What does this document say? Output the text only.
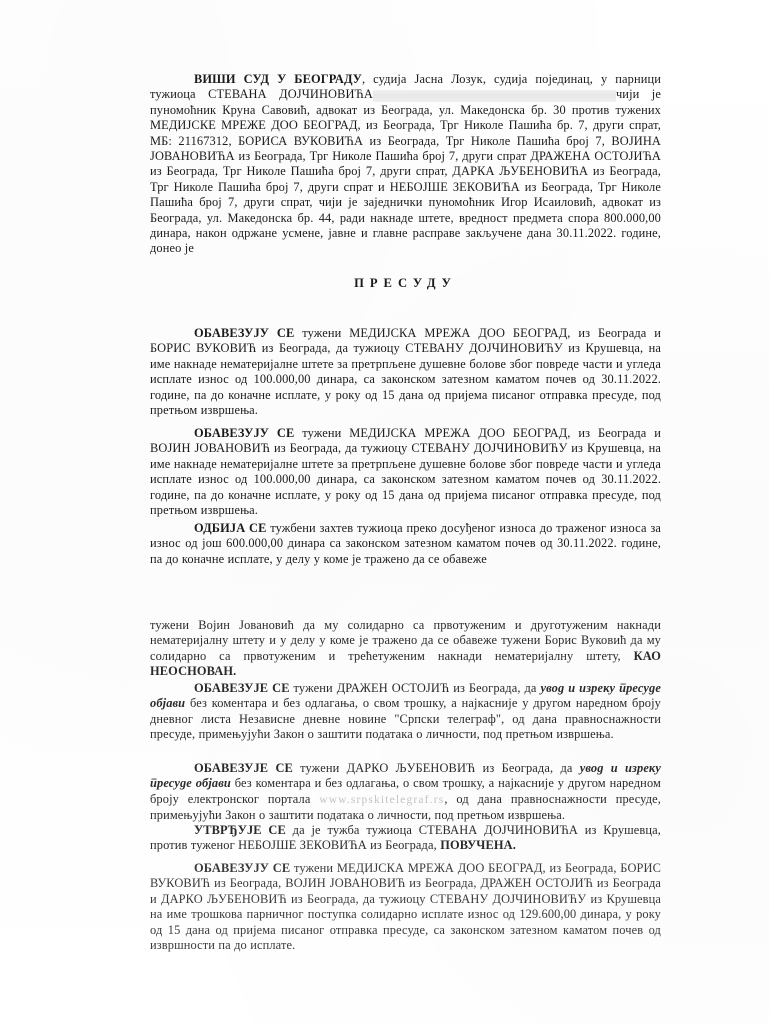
ВИШИ СУД У БЕОГРАДУ, судија Јасна Лозук, судија појединац, у парници тужиоца СТЕВАНА ДОЈЧИНОВИЋА	чији је пуномоћник Круна Савовић, адвокат из Београда, ул. Македонска бр. 30 против тужених МЕДИЈСКЕ МРЕЖЕ ДОО БЕОГРАД, из Београда, Трг Николе Пашића бр. 7, други спрат, МБ: 21167312, БОРИСА ВУКОВИЋА из Београда, Трг Николе Пашића број 7, ВОЈИНА ЈОВАНОВИЋА из Београда, Трг Николе Пашића број 7, други спрат ДРАЖЕНА ОСТОЈИЋА из Београда, Трг Николе Пашића број 7, други спрат, ДАРКА ЉУБЕНОВИЋА из Београда, Трг Николе Пашића број 7, други спрат и НЕБОЈШЕ ЗЕКОВИЋА из Београда, Трг Николе Пашића број 7, други спрат, чији је заједнички пуномоћник Игор Исаиловић, адвокат из Београда, ул. Македонска бр. 44, ради накнаде штете, вредност предмета спора 800.000,00 динара, након одржане усмене, јавне и главне расправе закључене дана 30.11.2022. године, донео је

ПРЕСУДУ

ОБАВЕЗУЈУ СЕ тужени МЕДИЈСКА МРЕЖА ДОО БЕОГРАД, из Београда и БОРИС ВУКОВИЋ из Београда, да тужиоцу СТЕВАНУ ДОЈЧИНОВИЋУ из Крушевца, на име накнаде нематеријалне штете за претрпљене душевне болове због повреде части и угледа исплате износ од 100.000,00 динара, са законском затезном каматом почев од 30.11.2022. године, па до коначне исплате, у року од 15 дана од пријема писаног отправка пресуде, под претњом извршења.

ОБАВЕЗУЈУ СЕ тужени МЕДИЈСКА МРЕЖА ДОО БЕОГРАД, из Београда и ВОЈИН ЈОВАНОВИЋ из Београда, да тужиоцу СТЕВАНУ ДОЈЧИНОВИЋУ из Крушевца, на име накнаде нематеријалне штете за претрпљене душевне болове због повреде части и угледа исплате износ од 100.000,00 динара, са законском затезном каматом почев од 30.11.2022. године, па до коначне исплате, у року од 15 дана од пријема писаног отправка пресуде, под претњом извршења.

ОДБИЈА СЕ тужбени захтев тужиоца преко досуђеног износа до траженог износа за износ од још 600.000,00 динара са законском затезном каматом почев од 30.11.2022. године, па до коначне исплате, у делу у коме је тражено да се обавеже

тужени Војин Јовановић да му солидарно са првотуженим и друготуженим накнади нематеријалну штету и у делу у коме је тражено да се обавеже тужени Борис Вуковић да му солидарно са првотуженим и трећетуженим накнади нематеријалну штету, КАО НЕОСНОВАН.

ОБАВЕЗУЈЕ СЕ тужени ДРАЖЕН ОСТОЈИЋ из Београда, да увод и изреку пресуде објави без коментара и без одлагања, о свом трошку, а најкасније у другом наредном броју дневног листа Независне дневне новине "Српски телеграф", од дана правноснажности пресуде, примењујући Закон о заштити података о личности, под претњом извршења.

ОБАВЕЗУЈЕ СЕ тужени ДАРКО ЉУБЕНОВИЋ из Београда, да увод и изреку пресуде објави без коментара и без одлагања, о свом трошку, а најкасније у другом наредном броју електронског портала www.srpskitelegraf.rs, од дана правноснажности пресуде, примењујући Закон о заштити података о личности, под претњом извршења.

УТВРЂУЈЕ СЕ да је тужба тужиоца СТЕВАНА ДОЈЧИНОВИЋА из Крушевца, против туженог НЕБОЈШЕ ЗЕКОВИЋА из Београда, ПОВУЧЕНА.

ОБАВЕЗУЈУ СЕ тужени МЕДИЈСКА МРЕЖА ДОО БЕОГРАД, из Београда, БОРИС ВУКОВИЋ из Београда, ВОЈИН ЈОВАНОВИЋ из Београда, ДРАЖЕН ОСТОЈИЋ из Београда и ДАРКО ЉУБЕНОВИЋ из Београда, да тужиоцу СТЕВАНУ ДОЈЧИНОВИЋУ из Крушевца на име трошкова парничног поступка солидарно исплате износ од 129.600,00 динара, у року од 15 дана од пријема писаног отправка пресуде, са законском затезном каматом почев од извршности па до исплате.
